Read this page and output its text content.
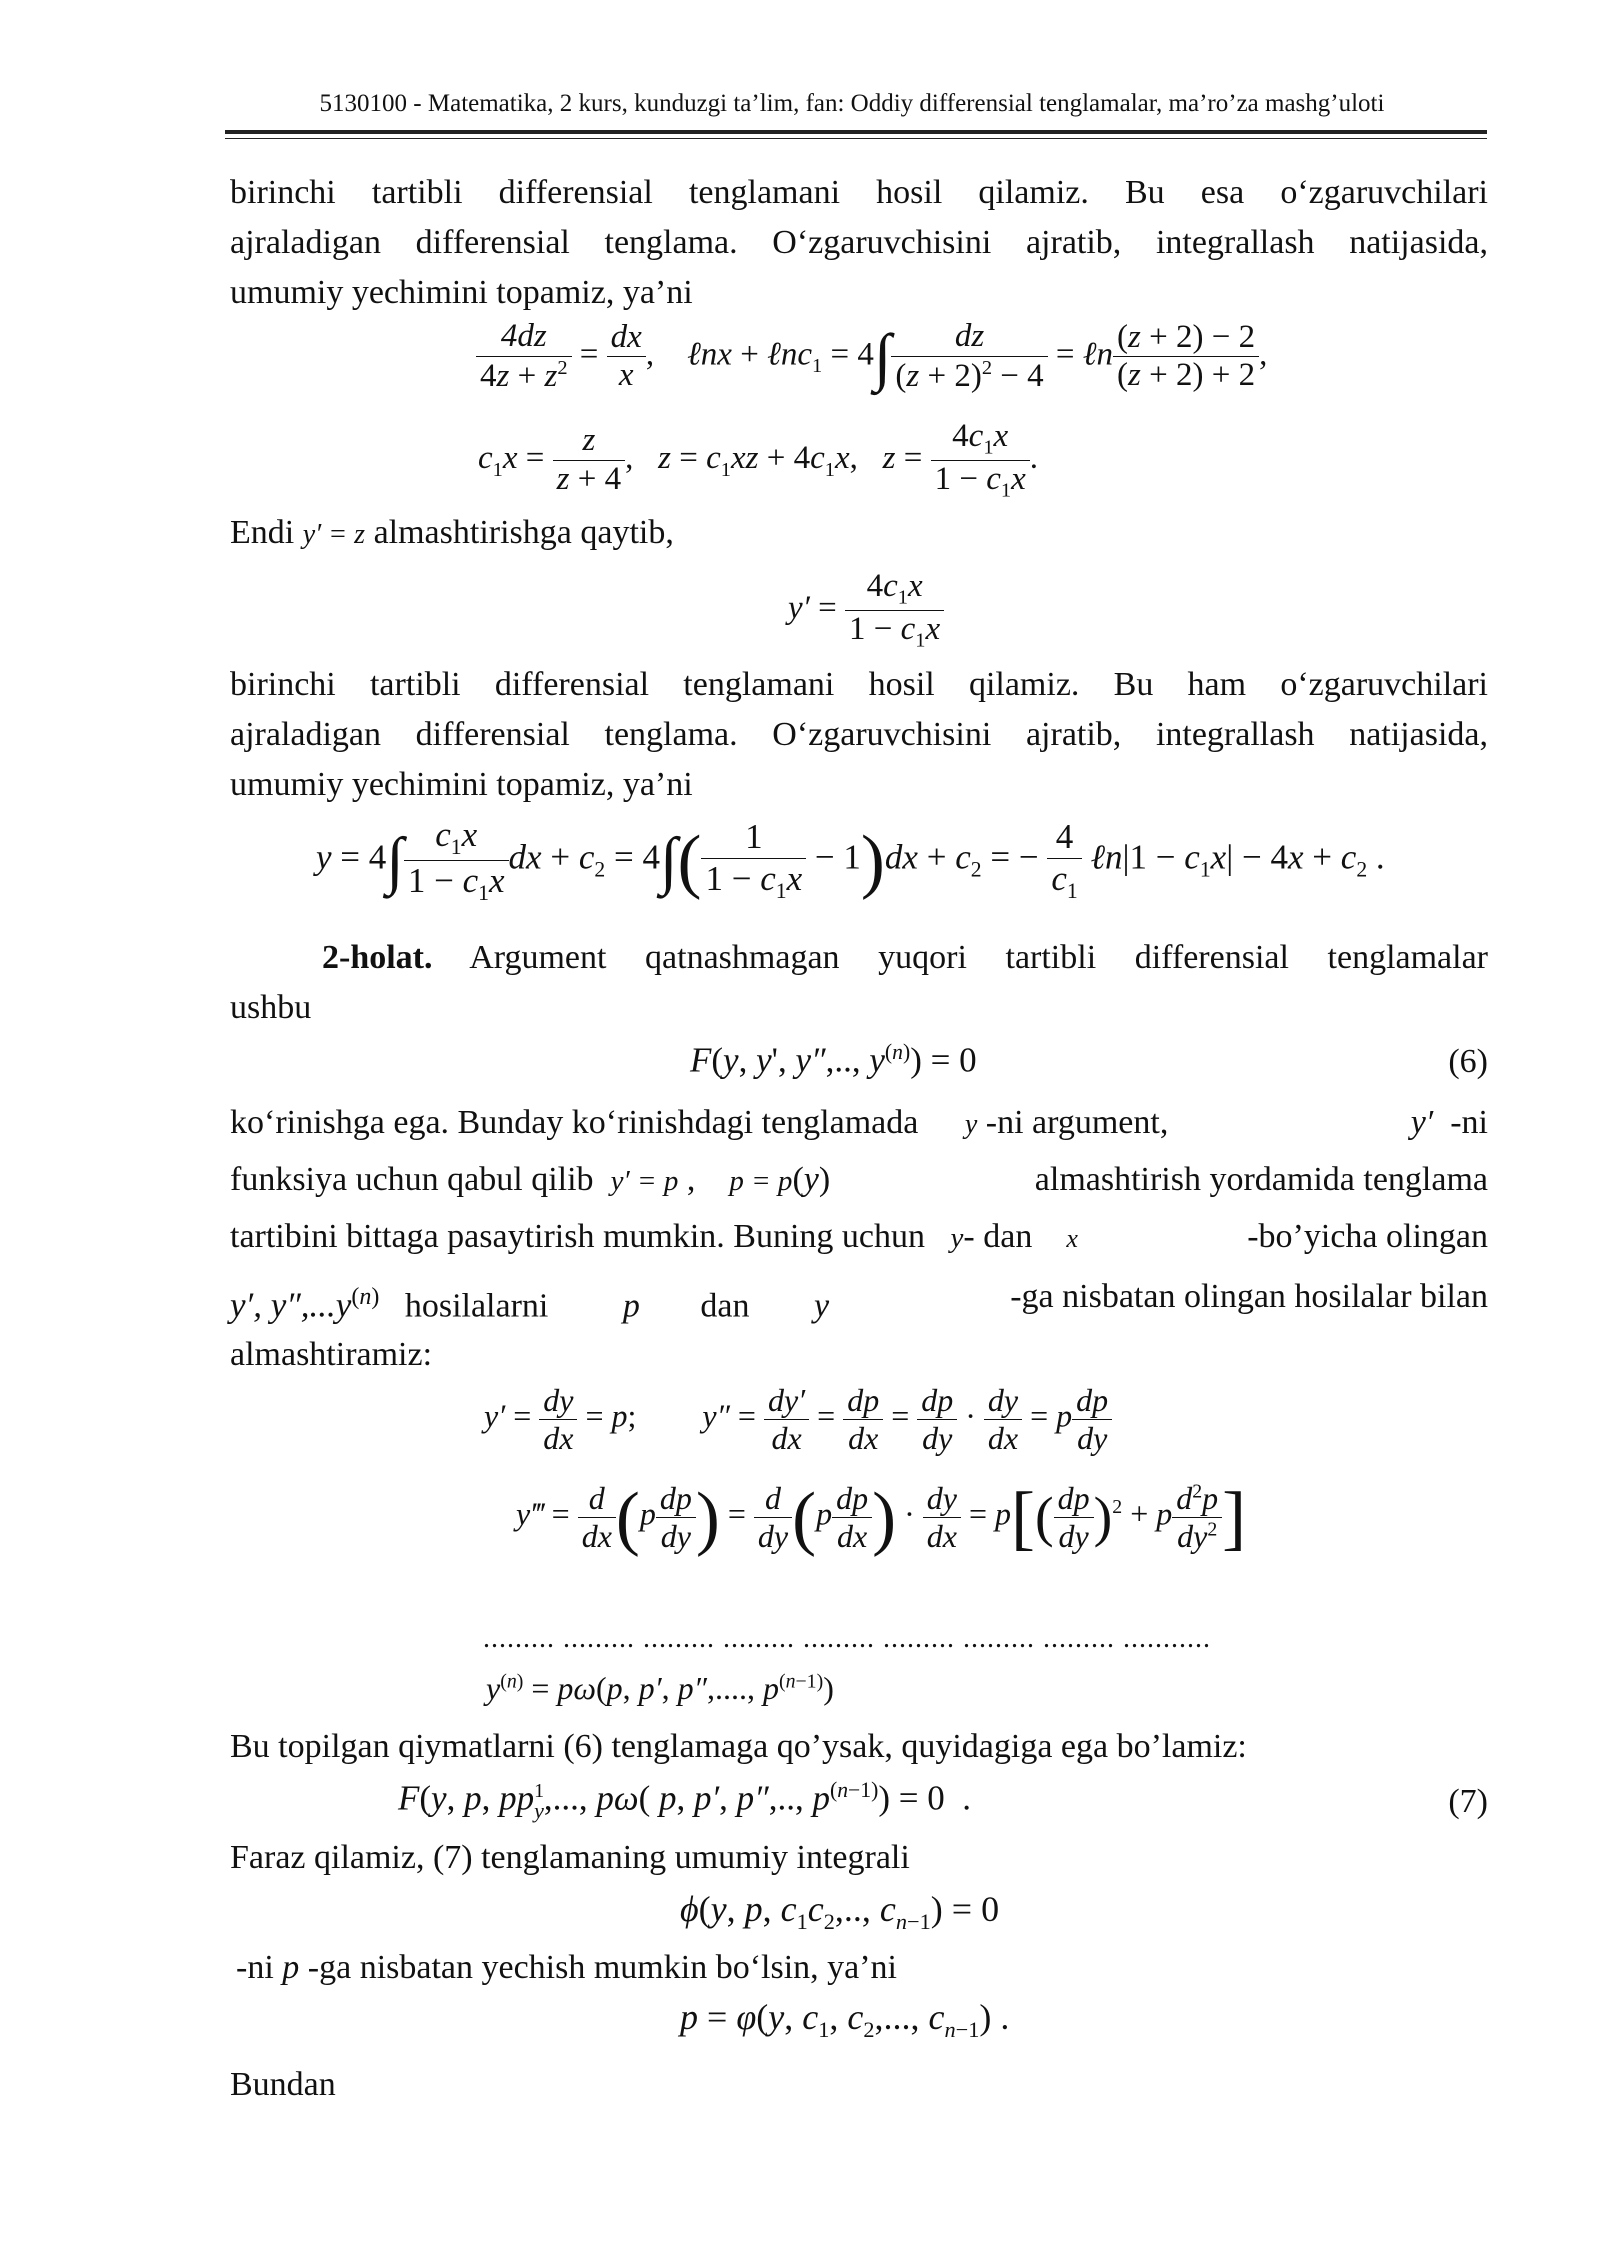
5130100 - Matematika, 2 kurs, kunduzgi ta’lim, fan: Oddiy differensial tenglamalar, ma’ro’za mashg’uloti
birinchi tartibli differensial tenglamani hosil qilamiz. Bu esa o‘zgaruvchilari
ajraladigan differensial tenglama. O‘zgaruvchisini ajratib, integrallash natijasida,
umumiy yechimini topamiz, ya’ni
$\frac{4dz}{4z + z^2} = \frac{dx}{x}$ ,    ℓnx + ℓnc$_1$ = $4\int \frac{dz}{(z + 2)^2 - 4}$ = ℓn $\frac{(z + 2) - 2}{(z + 2) + 2}$ ,
$c_1x = \frac{z}{z + 4}$ ,   $z = c_1xz + 4c_1x$,   $z = \frac{4c_1x}{1 - c_1x}$ .
Endi y′ = z almashtirishga qaytib,
$y' = \frac{4c_1x}{1 - c_1x}$
birinchi tartibli differensial tenglamani hosil qilamiz. Bu ham o‘zgaruvchilari
ajraladigan differensial tenglama. O‘zgaruvchisini ajratib, integrallash natijasida,
umumiy yechimini topamiz, ya’ni
$y = 4\int \frac{c_1x}{1 - c_1x}$ dx + $c_2 = 4\int( \frac{1}{1 - c_1x} - 1)dx + c_2$ = − $\frac{4}{c_1}$ ℓn|1 − $c_1x| - 4x + c_2$ .
2-holat. Argument qatnashmagan yuqori tartibli differensial tenglamalar
ushbu
F(y, y', y″,.., $y^{(n)}) = 0$	(6)
ko‘rinishga ega. Bunday ko‘rinishdagi tenglamada y -ni argument,	y′ -ni
funksiya uchun qabul qilib y′ = p ,    p = p(y)	almashtirish yordamida tenglama
tartibini bittaga pasaytirish mumkin. Buning uchun y- dan x	-bo’yicha olingan
y′, $y'',...y^{(n)}$ hosilalarni p dan y	-ga nisbatan olingan hosilalar bilan
almashtiramiz:
$y' = \frac{dy}{dx} = p$;  $y'' = \frac{dy'}{dx} = \frac{dp}{dx} = \frac{dp}{dy} \cdot \frac{dy}{dx} = p \frac{dp}{dy}$
y‴ = $\frac{d}{dx} (p \frac{dp}{dy}$ ) = $\frac{d}{dy} (p \frac{dp}{dx}$ ) · $\frac{dy}{dx} = p[( \frac{dp}{dy} )^2 + p \frac{d^2p}{dy^2}$ ]
......... ......... ......... ......... ......... ......... ......... ......... ...........
$y^{(n)} = p\omega(p$, p′, p″,...., $p^{(n-1)}$)
Bu topilgan qiymatlarni (6) tenglamaga qo’ysak, quyidagiga ega bo’lamiz:
F(y, p, $pp^1_y$,..., pω( p, p′, p″,.., $p^{(n-1)}) = 0$  .	(7)
Faraz qilamiz, (7) tenglamaning umumiy integrali
ϕ(y, p, $c_1c_2$,.., $c_{n-1}) = 0$
-ni p -ga nisbatan yechish mumkin bo‘lsin, ya’ni
p = φ(y, $c_1$, $c_2$,..., $c_{n-1}$) .
Bundan
